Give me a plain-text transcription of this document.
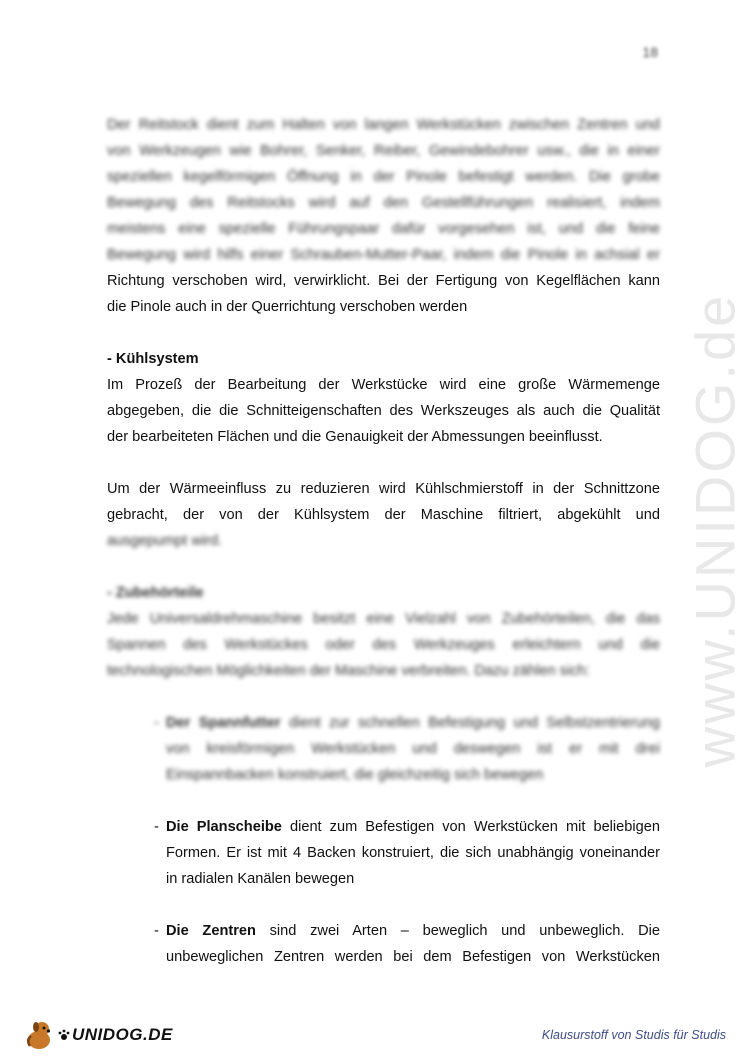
18
www.UNIDOG.de

Der Reitstock dient zum Halten von langen Werkstücken zwischen Zentren und

von Werkzeugen wie Bohrer, Senker, Reiber, Gewindebohrer usw., die in einer

speziellen kegelförmigen Öffnung in der Pinole befestigt werden. Die grobe

Bewegung des Reitstocks wird auf den Gestellführungen realisiert, indem

meistens eine spezielle Führungspaar dafür vorgesehen ist, und die feine

Bewegung wird hilfs einer Schrauben-Mutter-Paar, indem die Pinole in achsial er

Richtung verschoben wird, verwirklicht. Bei der Fertigung von Kegelflächen kann

die Pinole auch in der Querrichtung verschoben werden

- Kühlsystem

Im Prozeß der Bearbeitung der Werkstücke wird eine große Wärmemenge

abgegeben, die die Schnitteigenschaften des Werkszeuges als auch die Qualität

der bearbeiteten Flächen und die Genauigkeit der Abmessungen beeinflusst.

Um der Wärmeeinfluss zu reduzieren wird Kühlschmierstoff in der Schnittzone

gebracht, der von der Kühlsystem der Maschine filtriert, abgekühlt und

ausgepumpt wird.

- Zubehörteile

Jede Universaldrehmaschine besitzt eine Vielzahl von Zubehörteilen, die das

Spannen des Werkstückes oder des Werkzeuges erleichtern und die

technologischen Möglichkeiten der Maschine verbreiten. Dazu zählen sich:

- Der Spannfutter dient zur schnellen Befestigung und Selbstzentrierung

von kreisförmigen Werkstücken und deswegen ist er mit drei

Einspannbacken konstruiert, die gleichzeitig sich bewegen

- Die Planscheibe dient zum Befestigen von Werkstücken mit beliebigen

Formen. Er ist mit 4 Backen konstruiert, die sich unabhängig voneinander

in radialen Kanälen bewegen

- Die Zentren sind zwei Arten – beweglich und unbeweglich. Die

unbeweglichen Zentren werden bei dem Befestigen von Werkstücken

UNIDOG.DE	Klausurstoff von Studis für Studis
